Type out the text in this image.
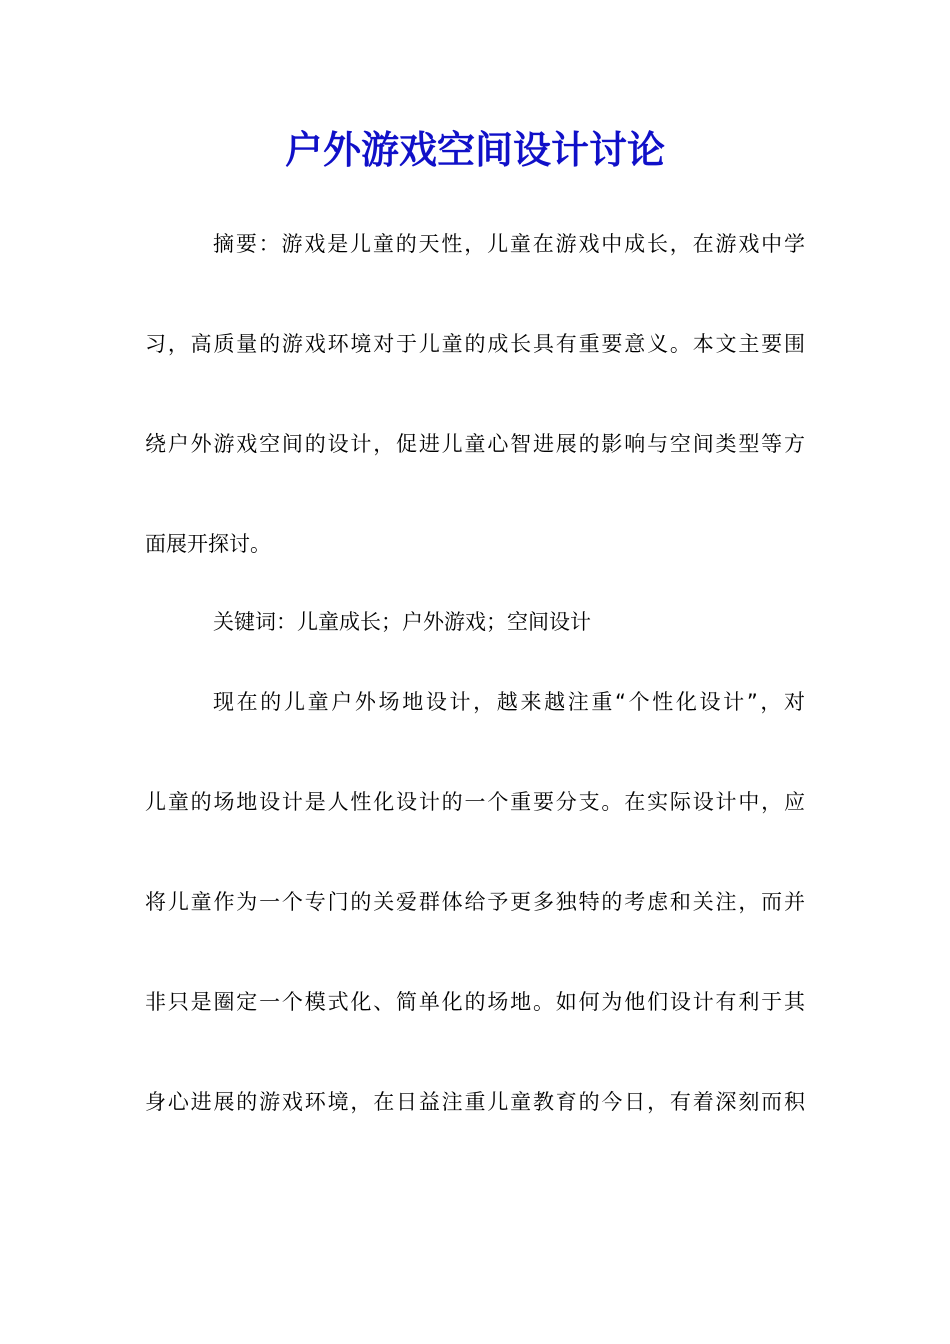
户外游戏空间设计讨论

摘要：游戏是儿童的天性，儿童在游戏中成长，在游戏中学

习，高质量的游戏环境对于儿童的成长具有重要意义。本文主要围

绕户外游戏空间的设计，促进儿童心智进展的影响与空间类型等方

面展开探讨。

关键词：儿童成长；户外游戏；空间设计

现在的儿童户外场地设计，越来越注重“个性化设计”，对

儿童的场地设计是人性化设计的一个重要分支。在实际设计中，应

将儿童作为一个专门的关爱群体给予更多独特的考虑和关注，而并

非只是圈定一个模式化、简单化的场地。如何为他们设计有利于其

身心进展的游戏环境，在日益注重儿童教育的今日，有着深刻而积
